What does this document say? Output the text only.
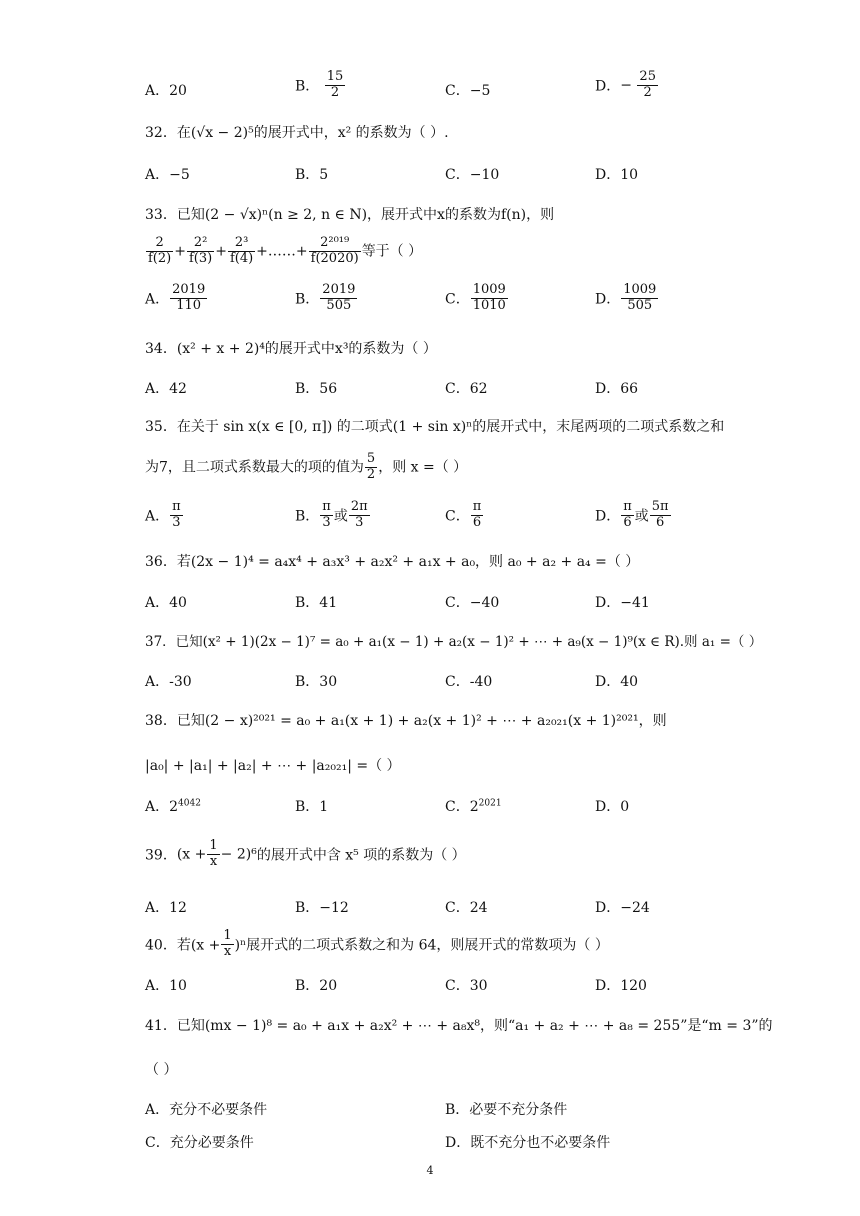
A．20	B． $\frac{15}{2}$	C．−5	D．− $\frac{25}{2}$
32．在(√x − 2)⁵的展开式中，x² 的系数为（ ）.
A．−5	B．5	C．−10	D．10
33．已知(2 − √x)ⁿ(n ≥ 2, n ∈ N)，展开式中x的系数为f(n)，则
$\frac{2}{f(2)} + \frac{\text{2²}}{f(3)} + \frac{\text{2³}}{f(4)}$ +……+ $\frac{\text{2²⁰¹⁹}}{f(2020)}$ 等于（ ）
A． $\frac{2019}{110}$	B． $\frac{2019}{505}$	C． $\frac{1009}{1010}$	D． $\frac{1009}{505}$
34．(x² + x + 2)⁴的展开式中x³的系数为（ ）
A．42	B．56	C．62	D．66
35．在关于 sin x(x ∈ [0, π]) 的二项式(1 + sin x)ⁿ的展开式中，末尾两项的二项式系数之和
为7，且二项式系数最大的项的值为 $\frac{5}{2}$ ，则 x =（ ）
A． $\frac{\pi}{3}$	B． $\frac{\pi}{3}$ 或 $\frac{2\pi}{3}$	C． $\frac{\pi}{6}$	D． $\frac{\pi}{6}$ 或 $\frac{5\pi}{6}$
36．若(2x − 1)⁴ = a₄x⁴ + a₃x³ + a₂x² + a₁x + a₀，则 a₀ + a₂ + a₄ =（ ）
A．40	B．41	C．−40	D．−41
37．已知(x² + 1)(2x − 1)⁷ = a₀ + a₁(x − 1) + a₂(x − 1)² + ⋯ + a₉(x − 1)⁹(x ∈ R).则 a₁ =（ ）
A．-30	B．30	C．-40	D．40
38．已知(2 − x)²⁰²¹ = a₀ + a₁(x + 1) + a₂(x + 1)² + ⋯ + a₂₀₂₁(x + 1)²⁰²¹，则
|a₀| + |a₁| + |a₂| + ⋯ + |a₂₀₂₁| =（ ）
A．$2^{4042}$	B．1	C．$2^{2021}$	D．0
39．$(x + \frac{1}{x} - 2)^6$的展开式中含 x⁵ 项的系数为（ ）
A．12	B．−12	C．24	D．−24
40．若$(x + \frac{1}{x} )^n$展开式的二项式系数之和为 64，则展开式的常数项为（ ）
A．10	B．20	C．30	D．120
41．已知(mx − 1)⁸ = a₀ + a₁x + a₂x² + ⋯ + a₈x⁸，则“a₁ + a₂ + ⋯ + a₈ = 255”是“m = 3”的
（ ）
A．充分不必要条件	B．必要不充分条件
C．充分必要条件	D．既不充分也不必要条件
4
